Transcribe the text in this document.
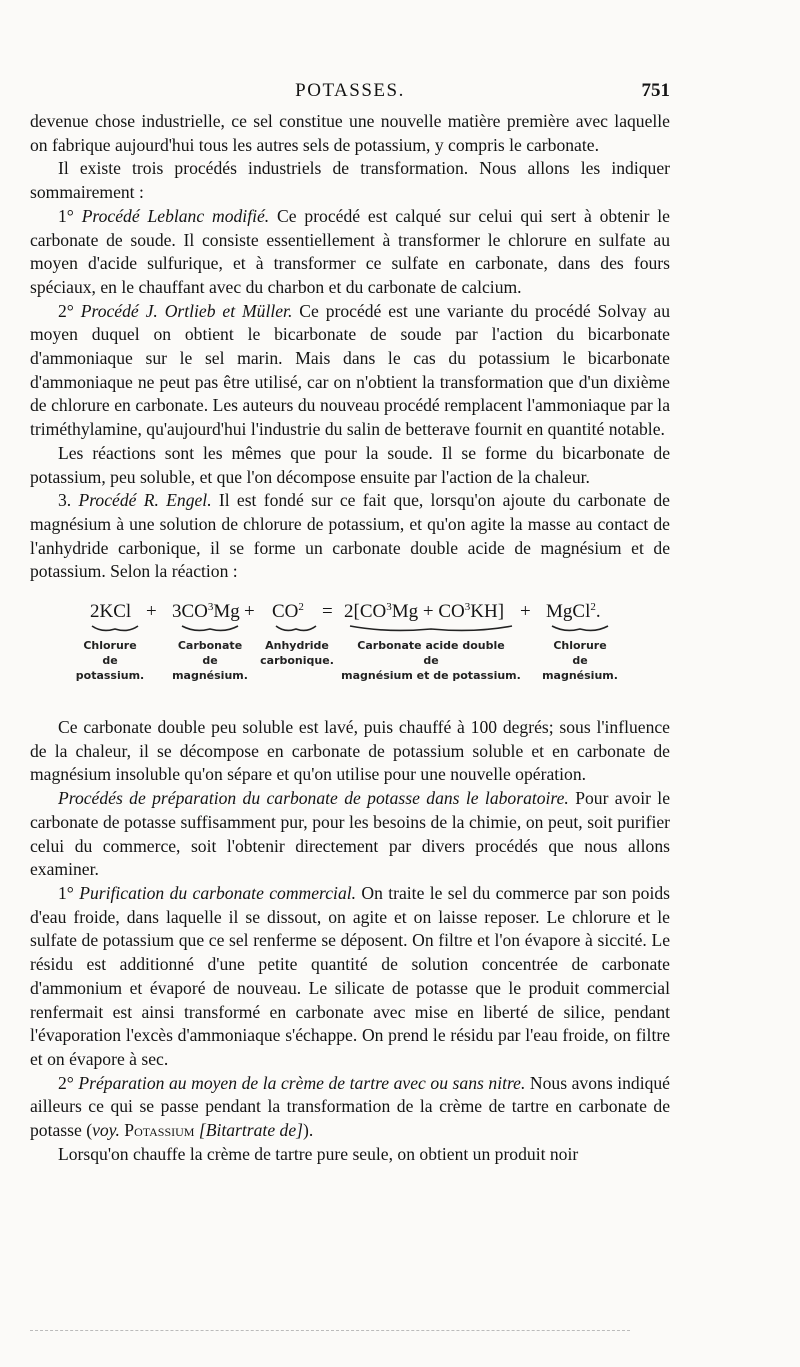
POTASSES.	751

devenue chose industrielle, ce sel constitue une nouvelle matière première avec laquelle on fabrique aujourd'hui tous les autres sels de potassium, y compris le carbonate.

Il existe trois procédés industriels de transformation. Nous allons les indiquer sommairement :

1° Procédé Leblanc modifié. Ce procédé est calqué sur celui qui sert à obtenir le carbonate de soude. Il consiste essentiellement à transformer le chlorure en sulfate au moyen d'acide sulfurique, et à transformer ce sulfate en carbonate, dans des fours spéciaux, en le chauffant avec du charbon et du carbonate de calcium.

2° Procédé J. Ortlieb et Müller. Ce procédé est une variante du procédé Solvay au moyen duquel on obtient le bicarbonate de soude par l'action du bicarbonate d'ammoniaque sur le sel marin. Mais dans le cas du potassium le bicarbonate d'ammoniaque ne peut pas être utilisé, car on n'obtient la transformation que d'un dixième de chlorure en carbonate. Les auteurs du nouveau procédé remplacent l'ammoniaque par la triméthylamine, qu'aujourd'hui l'industrie du salin de betterave fournit en quantité notable.

Les réactions sont les mêmes que pour la soude. Il se forme du bicarbonate de potassium, peu soluble, et que l'on décompose ensuite par l'action de la chaleur.

3. Procédé R. Engel. Il est fondé sur ce fait que, lorsqu'on ajoute du carbonate de magnésium à une solution de chlorure de potassium, et qu'on agite la masse au contact de l'anhydride carbonique, il se forme un carbonate double acide de magnésium et de potassium. Selon la réaction :

$2KCl + 3CO^3Mg + CO^2 = 2[CO^3Mg + CO^3KH]$ + MgCl$^2$.
Chlorure
de
potassium.
Carbonate
de
magnésium.
Anhydride
carbonique.
Carbonate acide double
de
magnésium et de potassium.
Chlorure
de
magnésium.

Ce carbonate double peu soluble est lavé, puis chauffé à 100 degrés; sous l'influence de la chaleur, il se décompose en carbonate de potassium soluble et en carbonate de magnésium insoluble qu'on sépare et qu'on utilise pour une nouvelle opération.

Procédés de préparation du carbonate de potasse dans le laboratoire. Pour avoir le carbonate de potasse suffisamment pur, pour les besoins de la chimie, on peut, soit purifier celui du commerce, soit l'obtenir directement par divers procédés que nous allons examiner.

1° Purification du carbonate commercial. On traite le sel du commerce par son poids d'eau froide, dans laquelle il se dissout, on agite et on laisse reposer. Le chlorure et le sulfate de potassium que ce sel renferme se déposent. On filtre et l'on évapore à siccité. Le résidu est additionné d'une petite quantité de solution concentrée de carbonate d'ammonium et évaporé de nouveau. Le silicate de potasse que le produit commercial renfermait est ainsi transformé en carbonate avec mise en liberté de silice, pendant l'évaporation l'excès d'ammoniaque s'échappe. On prend le résidu par l'eau froide, on filtre et on évapore à sec.

2° Préparation au moyen de la crème de tartre avec ou sans nitre. Nous avons indiqué ailleurs ce qui se passe pendant la transformation de la crème de tartre en carbonate de potasse (voy. Potassium [Bitartrate de]).

Lorsqu'on chauffe la crème de tartre pure seule, on obtient un produit noir
